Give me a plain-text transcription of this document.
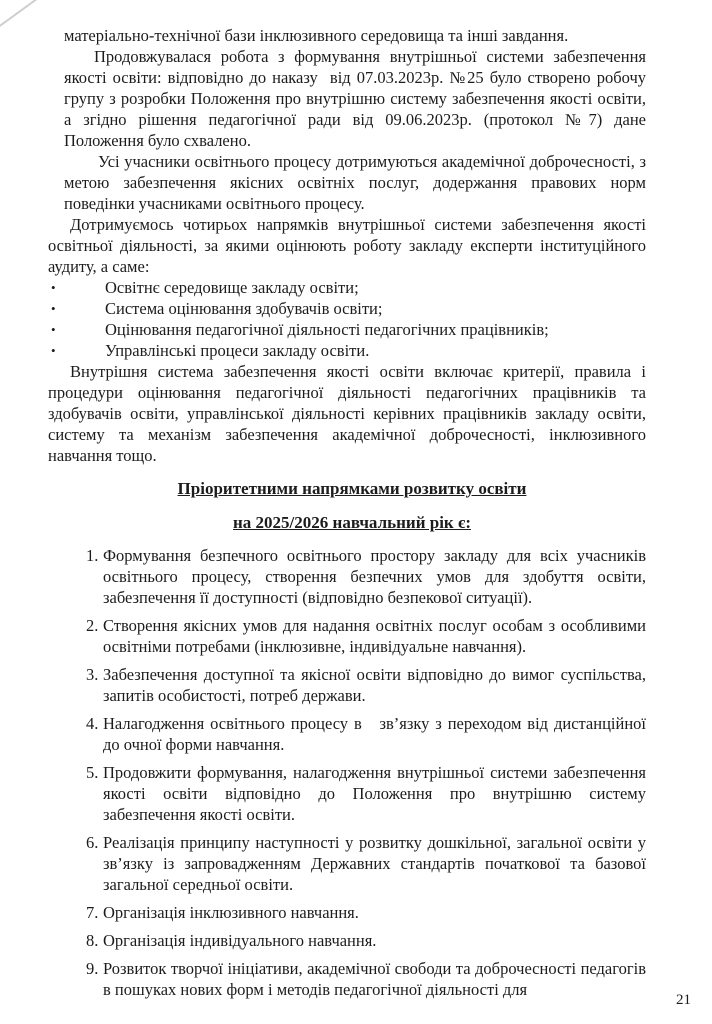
матеріально-технічної бази інклюзивного середовища та інші завдання.

Продовжувалася робота з формування внутрішньої системи забезпечення якості освіти: відповідно до наказу  від 07.03.2023р. №25 було створено робочу групу з розробки Положення про внутрішню систему забезпечення якості освіти, а згідно рішення педагогічної ради від 09.06.2023р. (протокол №7) дане Положення було схвалено.

Усі учасники освітнього процесу дотримуються академічної доброчесності, з метою забезпечення якісних освітніх послуг, додержання правових норм поведінки учасниками освітнього процесу.

Дотримуємось чотирьох напрямків внутрішньої системи забезпечення якості освітньої діяльності, за якими оцінюють роботу закладу експерти інституційного аудиту, а саме:

•	Освітнє середовище закладу освіти;
•	Система оцінювання здобувачів освіти;
•	Оцінювання педагогічної діяльності педагогічних працівників;
•	Управлінські процеси закладу освіти.

Внутрішня система забезпечення якості освіти включає критерії, правила і процедури оцінювання педагогічної діяльності педагогічних працівників та здобувачів освіти, управлінської діяльності керівних працівників закладу освіти, систему та механізм забезпечення академічної доброчесності, інклюзивного навчання тощо.

Пріоритетними напрямками розвитку освіти
на 2025/2026 навчальний рік є:
1. Формування безпечного освітнього простору закладу для всіх учасників освітнього процесу, створення безпечних умов для здобуття освіти, забезпечення її доступності (відповідно безпекової ситуації).
2. Створення якісних умов для надання освітніх послуг особам з особливими освітніми потребами (інклюзивне, індивідуальне навчання).
3. Забезпечення доступної та якісної освіти відповідно до вимог суспільства, запитів особистості, потреб держави.
4. Налагодження освітнього процесу в   зв’язку з переходом від дистанційної до очної форми навчання.
5. Продовжити формування, налагодження внутрішньої системи забезпечення якості освіти відповідно до Положення про внутрішню систему забезпечення якості освіти.
6. Реалізація принципу наступності у розвитку дошкільної, загальної освіти у зв’язку із запровадженням Державних стандартів початкової та базової загальної середньої освіти.
7. Організація інклюзивного навчання.
8. Організація індивідуального навчання.
9. Розвиток творчої ініціативи, академічної свободи та доброчесності педагогів в пошуках нових форм і методів педагогічної діяльності для
21
